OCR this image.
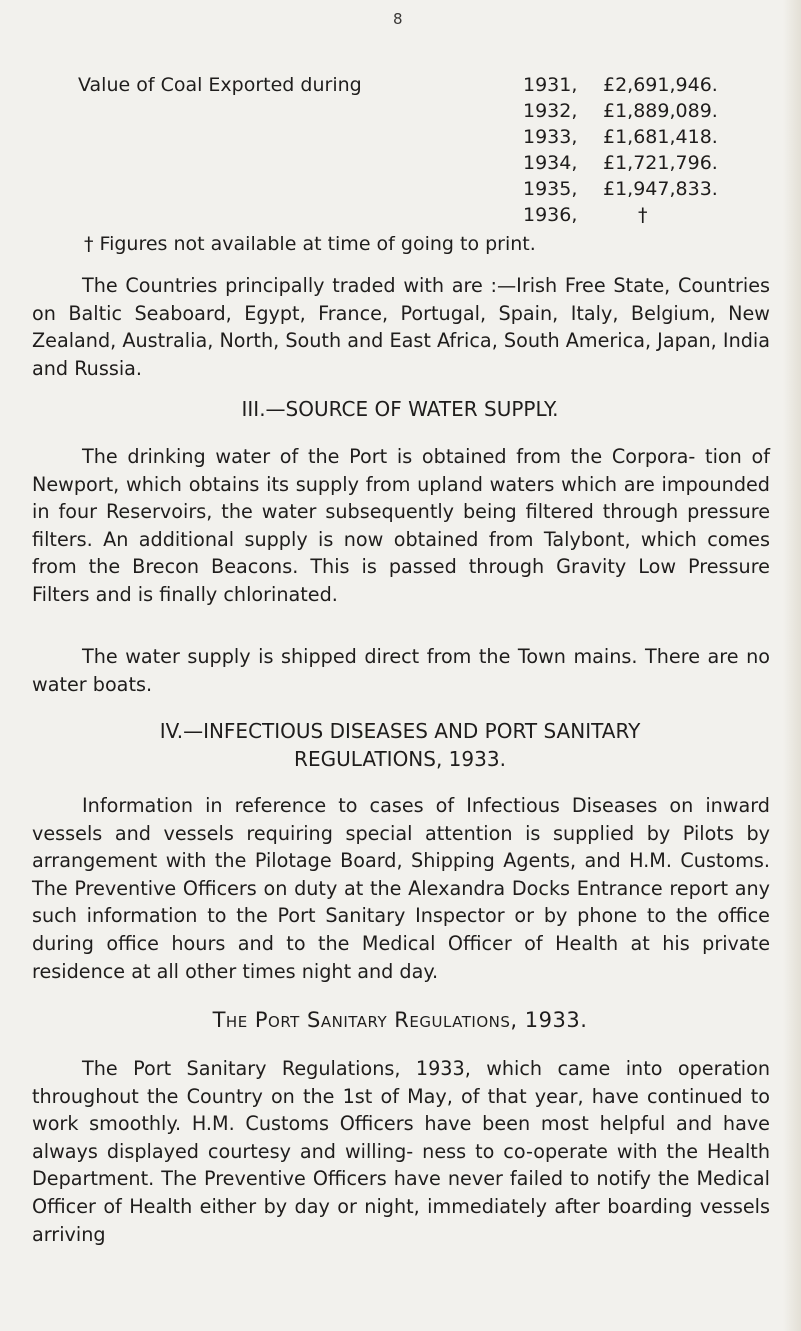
8
Value of Coal Exported during	1931,	£2,691,946.
1932,	£1,889,089.
1933,	£1,681,418.
1934,	£1,721,796.
1935,	£1,947,833.
1936,	†
† Figures not available at time of going to print.

The Countries principally traded with are :—Irish Free State, Countries on Baltic Seaboard, Egypt, France, Portugal, Spain, Italy, Belgium, New Zealand, Australia, North, South and East Africa, South America, Japan, India and Russia.

III.—SOURCE OF WATER SUPPLY.

The drinking water of the Port is obtained from the Corpora- tion of Newport, which obtains its supply from upland waters which are impounded in four Reservoirs, the water subsequently being filtered through pressure filters. An additional supply is now obtained from Talybont, which comes from the Brecon Beacons. This is passed through Gravity Low Pressure Filters and is finally chlorinated.

The water supply is shipped direct from the Town mains. There are no water boats.

IV.—INFECTIOUS DISEASES AND PORT SANITARY

REGULATIONS, 1933.

Information in reference to cases of Infectious Diseases on inward vessels and vessels requiring special attention is supplied by Pilots by arrangement with the Pilotage Board, Shipping Agents, and H.M. Customs. The Preventive Officers on duty at the Alexandra Docks Entrance report any such information to the Port Sanitary Inspector or by phone to the office during office hours and to the Medical Officer of Health at his private residence at all other times night and day.

The Port Sanitary Regulations, 1933.

The Port Sanitary Regulations, 1933, which came into operation throughout the Country on the 1st of May, of that year, have continued to work smoothly. H.M. Customs Officers have been most helpful and have always displayed courtesy and willing- ness to co-operate with the Health Department. The Preventive Officers have never failed to notify the Medical Officer of Health either by day or night, immediately after boarding vessels arriving
